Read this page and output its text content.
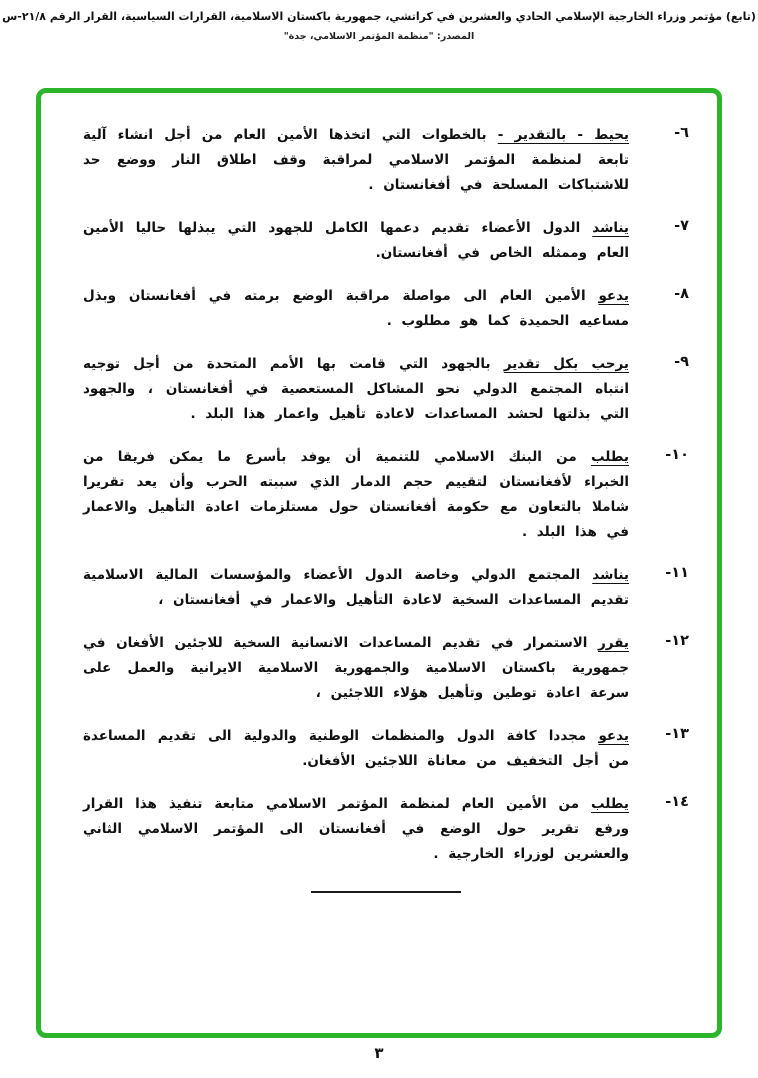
(تابع) مؤتمر وزراء الخارجية الإسلامي الحادي والعشرين في كراتشي، جمهورية باكستان الاسلامية، القرارات السياسية، القرار الرقم ٢١/٨-س
المصدر: "منظمة المؤتمر الاسلامي، جدة"
-٦

يحيط - بالتقدير - بالخطوات التي اتخذها الأمين العام من أجل انشاء آلية تابعة لمنظمة المؤتمر الاسلامي لمراقبة وقف اطلاق النار ووضع حد للاشتباكات المسلحة في أفغانستان .

-٧

يناشد الدول الأعضاء تقديم دعمها الكامل للجهود التي يبذلها حاليا الأمين العام وممثله الخاص في أفغانستان.

-٨

يدعو الأمين العام الى مواصلة مراقبة الوضع برمته في أفغانستان وبذل مساعيه الحميدة كما هو مطلوب .

-٩

يرحب بكل تقدير بالجهود التي قامت بها الأمم المتحدة من أجل توجيه انتباه المجتمع الدولي نحو المشاكل المستعصية في أفغانستان ، والجهود التي بذلتها لحشد المساعدات لاعادة تأهيل واعمار هذا البلد .

-١٠

يطلب من البنك الاسلامي للتنمية أن يوفد بأسرع ما يمكن فريقا من الخبراء لأفغانستان لتقييم حجم الدمار الذي سببته الحرب وأن يعد تقريرا شاملا بالتعاون مع حكومة أفغانستان حول مستلزمات اعادة التأهيل والاعمار في هذا البلد .

-١١

يناشد المجتمع الدولي وخاصة الدول الأعضاء والمؤسسات المالية الاسلامية تقديم المساعدات السخية لاعادة التأهيل والاعمار في أفغانستان ،

-١٢

يقرر الاستمرار في تقديم المساعدات الانسانية السخية للاجئين الأفغان في جمهورية باكستان الاسلامية والجمهورية الاسلامية الايرانية والعمل على سرعة اعادة توطين وتأهيل هؤلاء اللاجئين ،

-١٣

يدعو مجددا كافة الدول والمنظمات الوطنية والدولية الى تقديم المساعدة من أجل التخفيف من معاناة اللاجئين الأفغان.

-١٤

يطلب من الأمين العام لمنظمة المؤتمر الاسلامي متابعة تنفيذ هذا القرار ورفع تقرير حول الوضع في أفغانستان الى المؤتمر الاسلامي الثاني والعشرين لوزراء الخارجية .

٣
